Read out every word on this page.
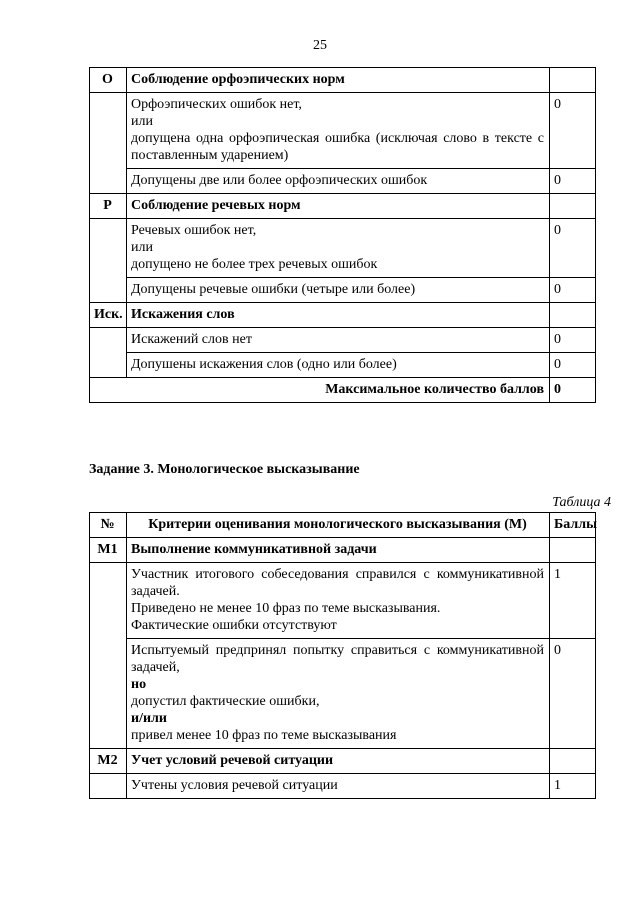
25
О	Соблюдение орфоэпических норм	

	Орфоэпических ошибок нет,
или
допущена одна орфоэпическая ошибка (исключая слово в тексте с поставленным ударением)	0
	Допущены две или более орфоэпических ошибок	0
Р	Соблюдение речевых норм	

	Речевых ошибок нет,
или
допущено не более трех речевых ошибок	0
	Допущены речевые ошибки (четыре или более)	0
Иск.	Искажения слов	
	Искажений слов нет	0
	Допушены искажения слов (одно или более)	0
Максимальное количество баллов		0
Задание 3. Монологическое высказывание
Таблица 4
№	Критерии оценивания монологического высказывания (М)	Баллы
М1	Выполнение коммуникативной задачи	

	Участник итогового собеседования справился с коммуникативной задачей.
Приведено не менее 10 фраз по теме высказывания.
Фактические ошибки отсутствуют	1

	Испытуемый предпринял попытку справиться с коммуникативной задачей,
но
допустил фактические ошибки,
и/или
привел менее 10 фраз по теме высказывания	0
М2	Учет условий речевой ситуации	
	Учтены условия речевой ситуации	1
